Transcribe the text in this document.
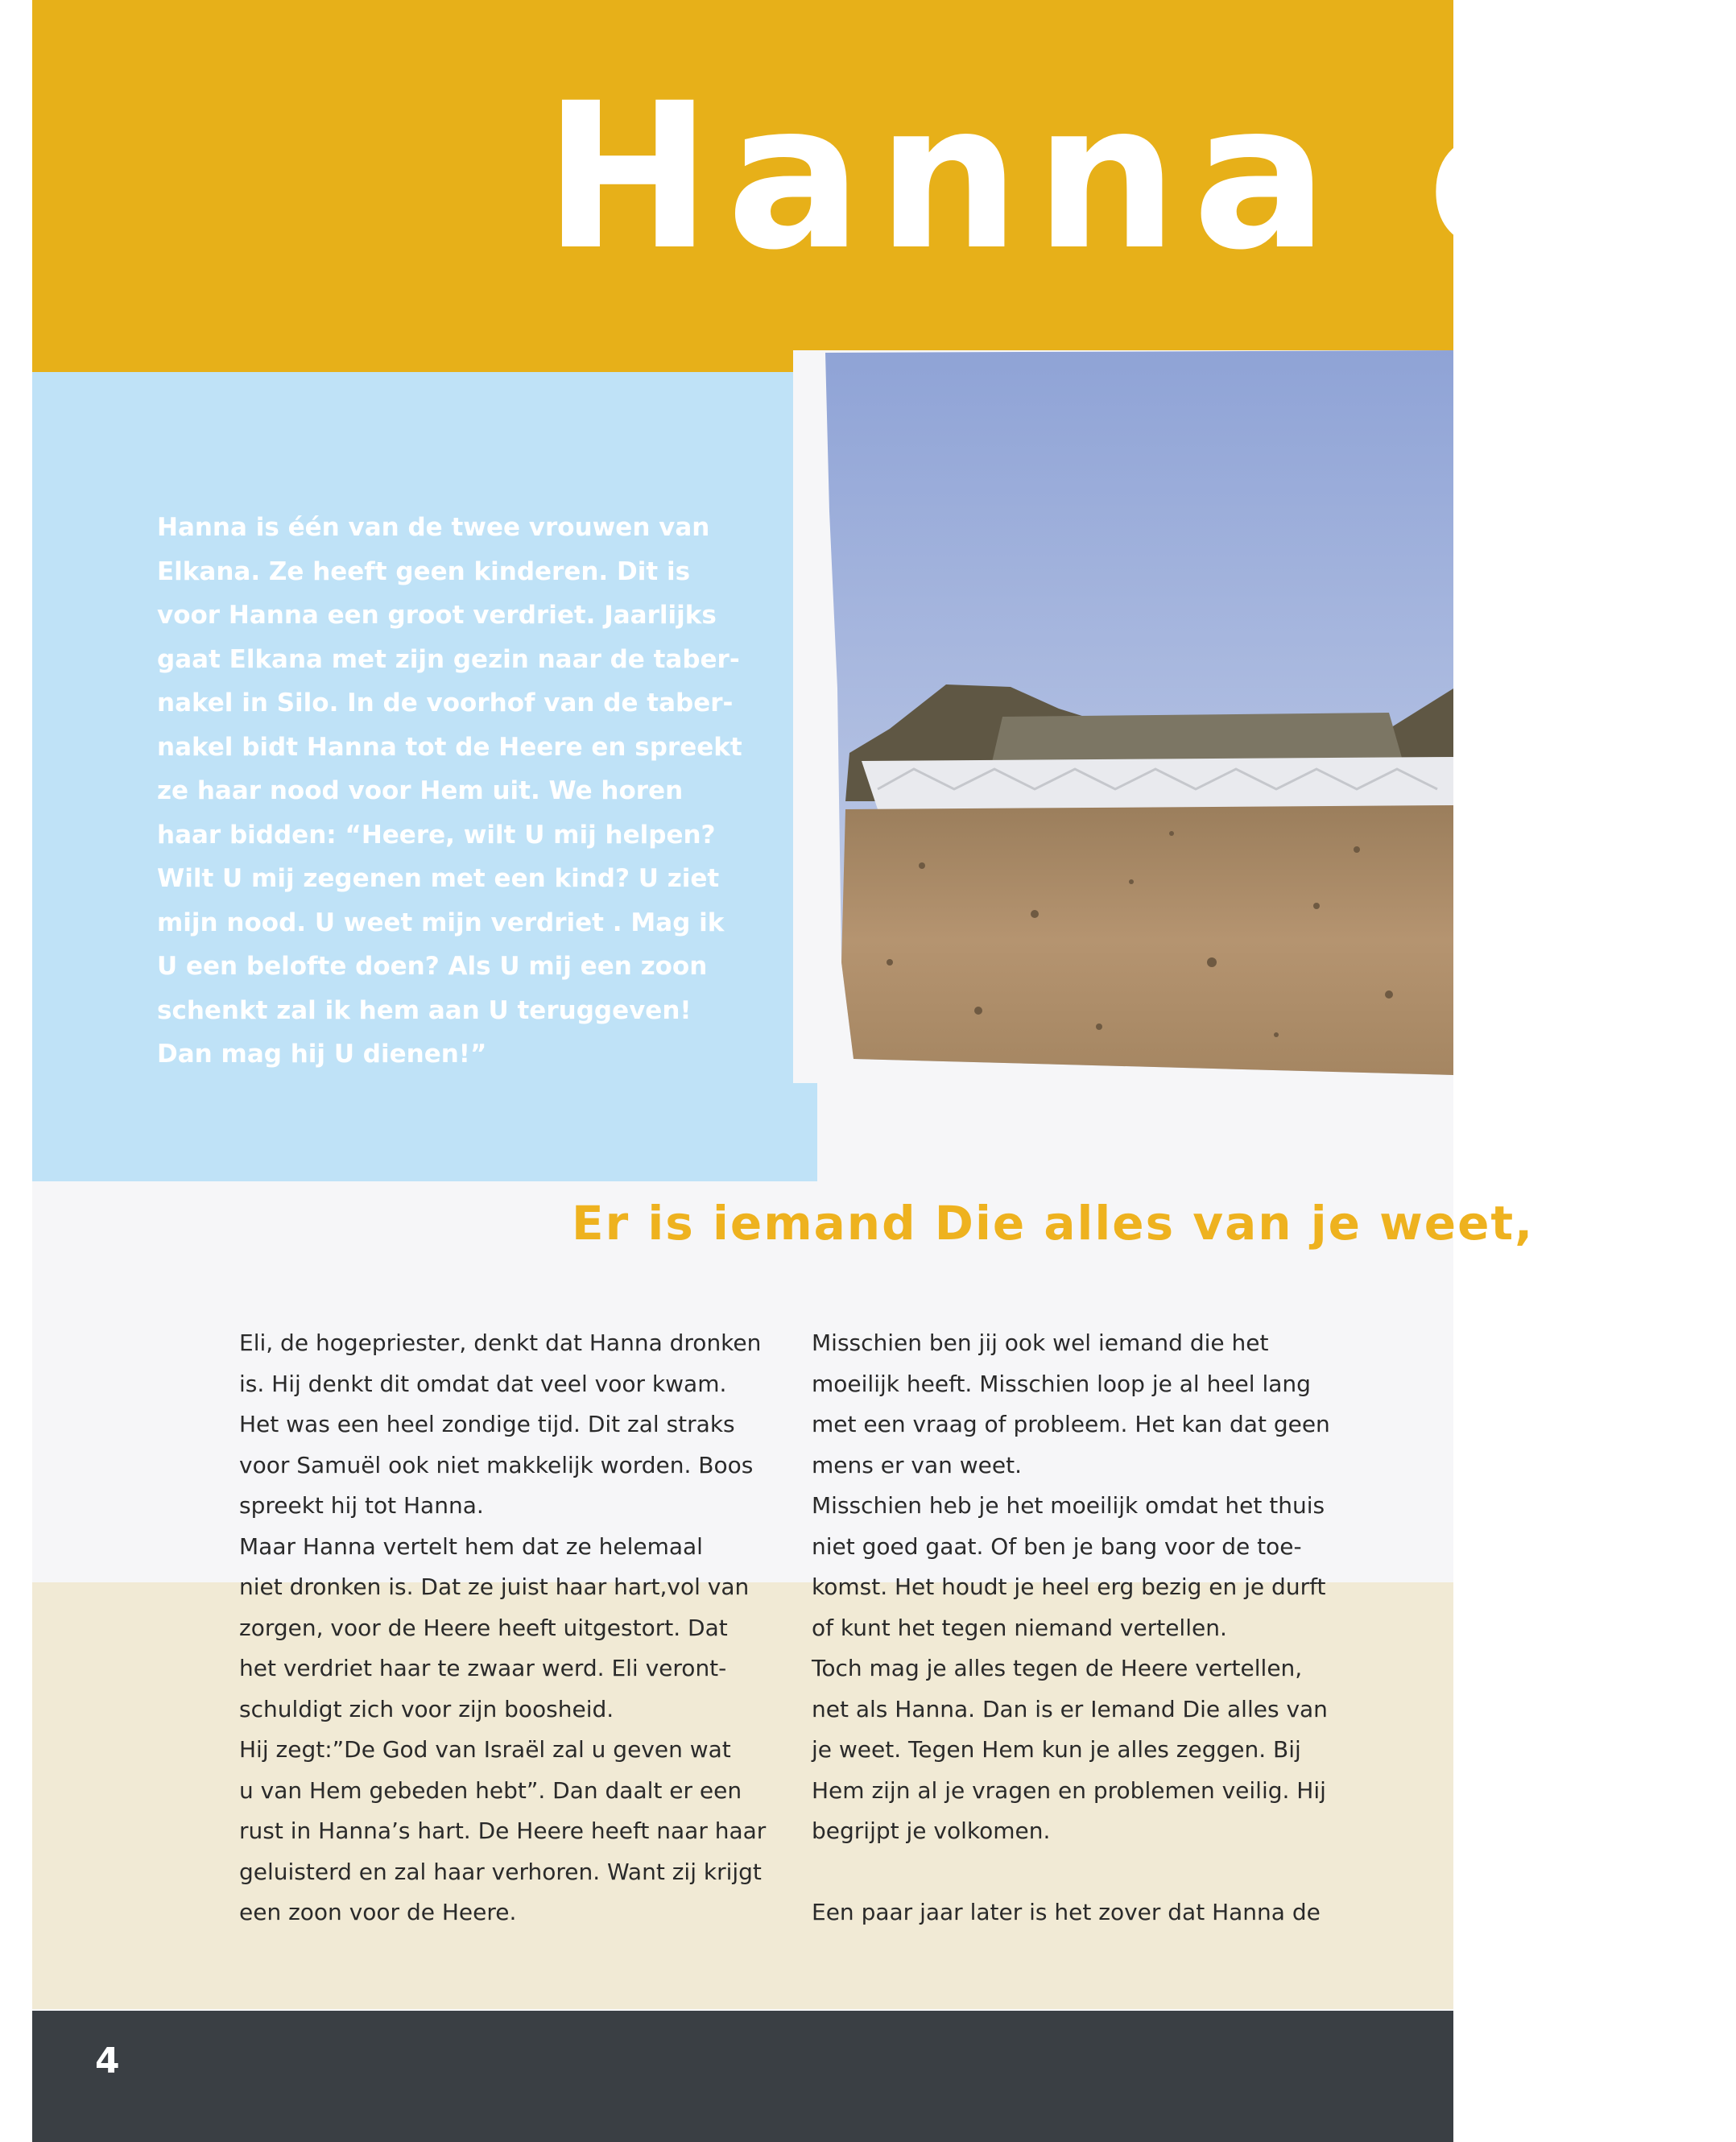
Hanna en
Hanna is één van de twee vrouwen van
Elkana. Ze heeft geen kinderen. Dit is
voor Hanna een groot verdriet. Jaarlijks
gaat Elkana met zijn gezin naar de taber-
nakel in Silo. In de voorhof van de taber-
nakel bidt Hanna tot de Heere en spreekt
ze haar nood voor Hem uit. We horen
haar bidden: “Heere, wilt U mij helpen?
Wilt U mij zegenen met een kind? U ziet
mijn nood. U weet mijn verdriet . Mag ik
U een belofte doen? Als U mij een zoon
schenkt zal ik hem aan U teruggeven!
Dan mag hij U dienen!”
Er is iemand Die alles van je weet,
Eli, de hogepriester, denkt dat Hanna dronken
is. Hij denkt dit omdat dat veel voor kwam.
Het was een heel zondige tijd. Dit zal straks
voor Samuël ook niet makkelijk worden. Boos
spreekt hij tot Hanna.
Maar Hanna vertelt hem dat ze helemaal
niet dronken is. Dat ze juist haar hart,vol van
zorgen, voor de Heere heeft uitgestort. Dat
het verdriet haar te zwaar werd. Eli veront-
schuldigt zich voor zijn boosheid.
Hij zegt:”De God van Israël zal u geven wat
u van Hem gebeden hebt”. Dan daalt er een
rust in Hanna’s hart. De Heere heeft naar haar
geluisterd en zal haar verhoren. Want zij krijgt
een zoon voor de Heere.
Misschien ben jij ook wel iemand die het
moeilijk heeft. Misschien loop je al heel lang
met een vraag of probleem. Het kan dat geen
mens er van weet.
Misschien heb je het moeilijk omdat het thuis
niet goed gaat. Of ben je bang voor de toe-
komst. Het houdt je heel erg bezig en je durft
of kunt het tegen niemand vertellen.
Toch mag je alles tegen de Heere vertellen,
net als Hanna. Dan is er Iemand Die alles van
je weet. Tegen Hem kun je alles zeggen. Bij
Hem zijn al je vragen en problemen veilig. Hij
begrijpt je volkomen.

Een paar jaar later is het zover dat Hanna de

4
